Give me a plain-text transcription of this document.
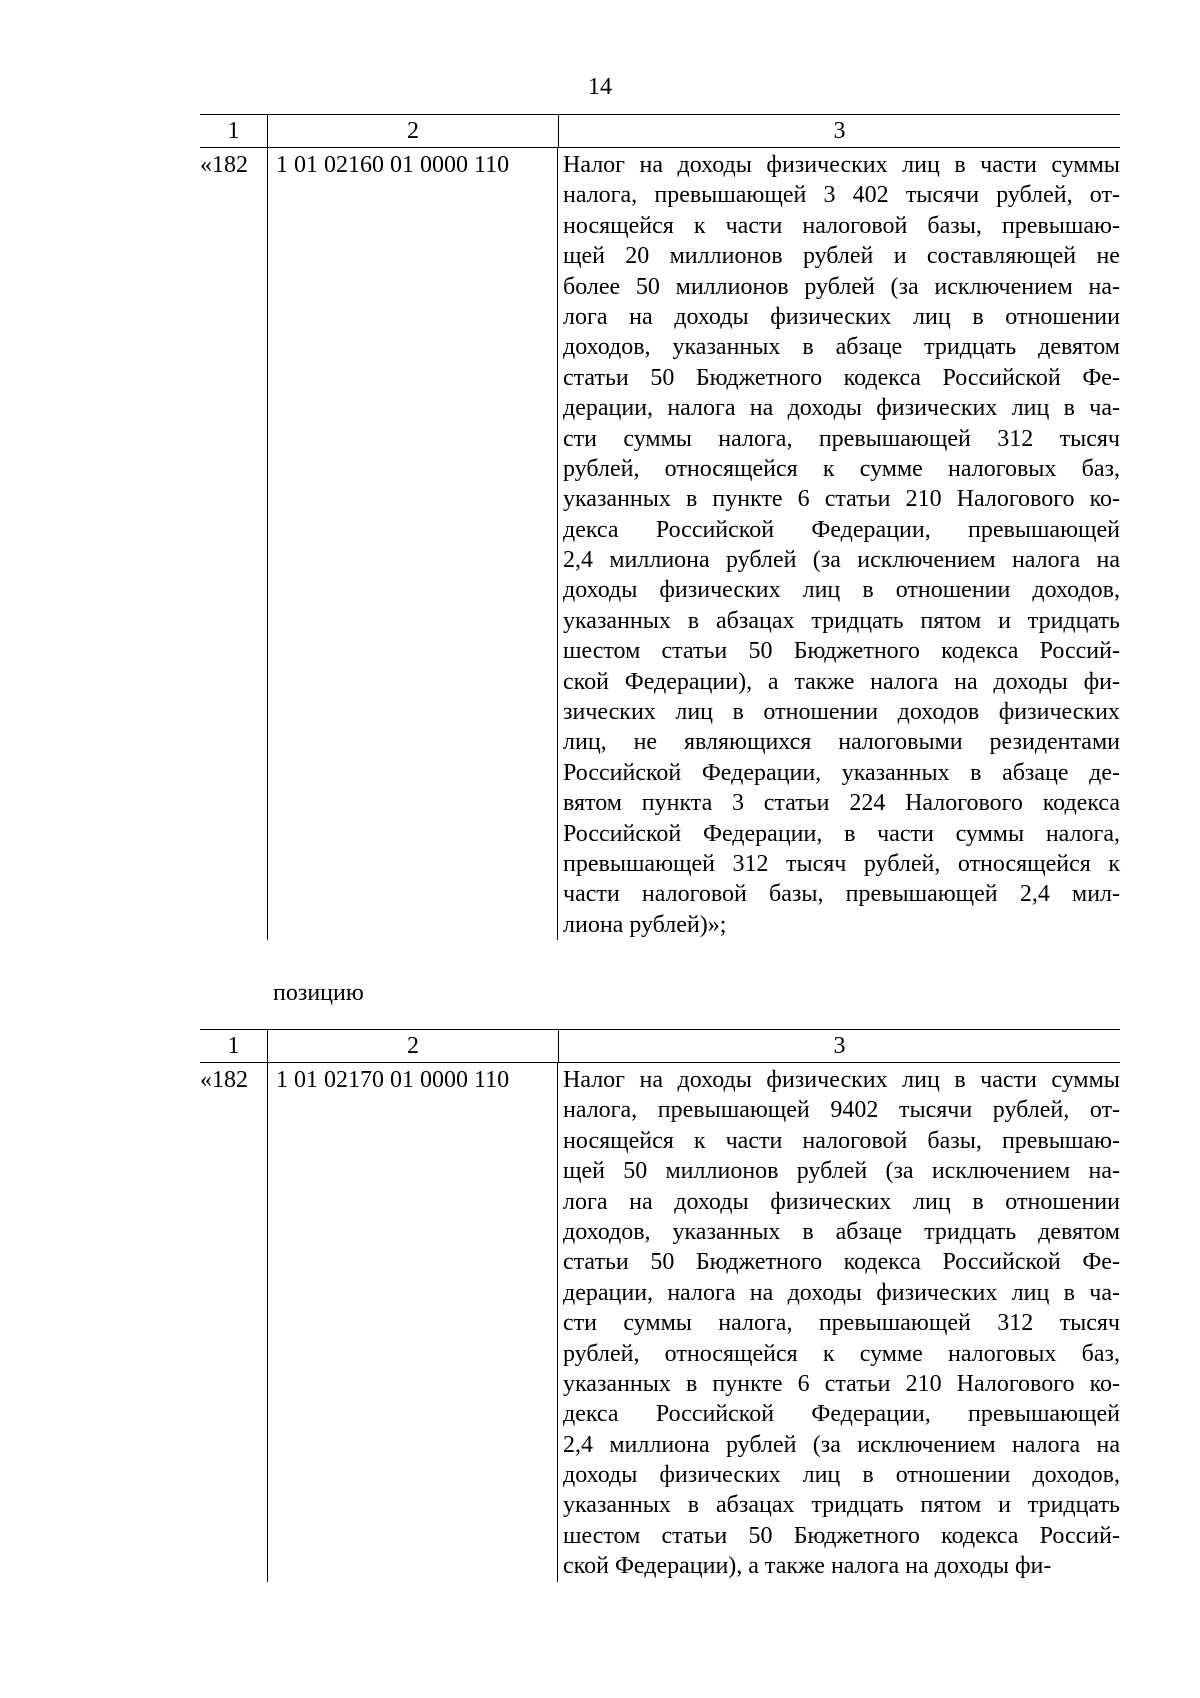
14
1	2	3
«182	1 01 02160 01 0000 110	Налог на доходы физических лиц в части суммы
налога, превышающей 3 402 тысячи рублей, от-
носящейся к части налоговой базы, превышаю-
щей 20 миллионов рублей и составляющей не
более 50 миллионов рублей (за исключением на-
лога на доходы физических лиц в отношении
доходов, указанных в абзаце тридцать девятом
статьи 50 Бюджетного кодекса Российской Фе-
дерации, налога на доходы физических лиц в ча-
сти суммы налога, превышающей 312 тысяч
рублей, относящейся к сумме налоговых баз,
указанных в пункте 6 статьи 210 Налогового ко-
декса Российской Федерации, превышающей
2,4 миллиона рублей (за исключением налога на
доходы физических лиц в отношении доходов,
указанных в абзацах тридцать пятом и тридцать
шестом статьи 50 Бюджетного кодекса Россий-
ской Федерации), а также налога на доходы фи-
зических лиц в отношении доходов физических
лиц, не являющихся налоговыми резидентами
Российской Федерации, указанных в абзаце де-
вятом пункта 3 статьи 224 Налогового кодекса
Российской Федерации, в части суммы налога,
превышающей 312 тысяч рублей, относящейся к
части налоговой базы, превышающей 2,4 мил-
лиона рублей)»;
позицию
1	2	3
«182	1 01 02170 01 0000 110	Налог на доходы физических лиц в части суммы
налога, превышающей 9402 тысячи рублей, от-
носящейся к части налоговой базы, превышаю-
щей 50 миллионов рублей (за исключением на-
лога на доходы физических лиц в отношении
доходов, указанных в абзаце тридцать девятом
статьи 50 Бюджетного кодекса Российской Фе-
дерации, налога на доходы физических лиц в ча-
сти суммы налога, превышающей 312 тысяч
рублей, относящейся к сумме налоговых баз,
указанных в пункте 6 статьи 210 Налогового ко-
декса Российской Федерации, превышающей
2,4 миллиона рублей (за исключением налога на
доходы физических лиц в отношении доходов,
указанных в абзацах тридцать пятом и тридцать
шестом статьи 50 Бюджетного кодекса Россий-
ской Федерации), а также налога на доходы фи-
